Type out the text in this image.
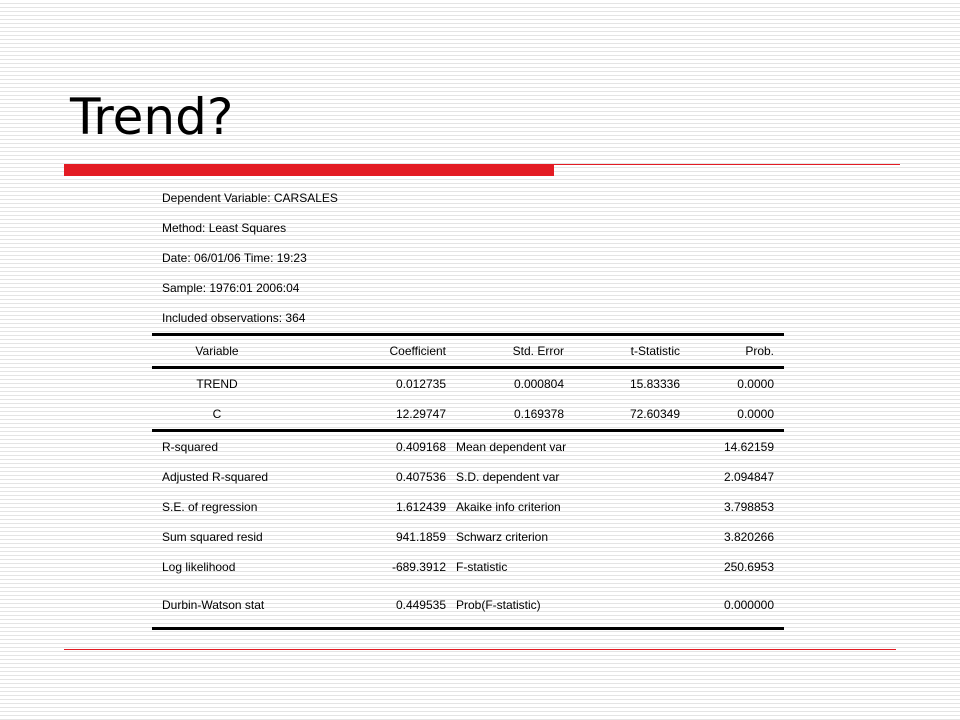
Trend?
Dependent Variable: CARSALES
Method: Least Squares
Date: 06/01/06 Time: 19:23
Sample: 1976:01 2006:04
Included observations: 364
Variable	Coefficient	Std. Error	t-Statistic	Prob.
TREND	0.012735	0.000804	15.83336	0.0000
C	12.29747	0.169378	72.60349	0.0000
R-squared	0.409168	Mean dependent var	14.62159
Adjusted R-squared	0.407536	S.D. dependent var	2.094847
S.E. of regression	1.612439	Akaike info criterion	3.798853
Sum squared resid	941.1859	Schwarz criterion	3.820266
Log likelihood	-689.3912	F-statistic	250.6953
Durbin-Watson stat	0.449535	Prob(F-statistic)	0.000000
